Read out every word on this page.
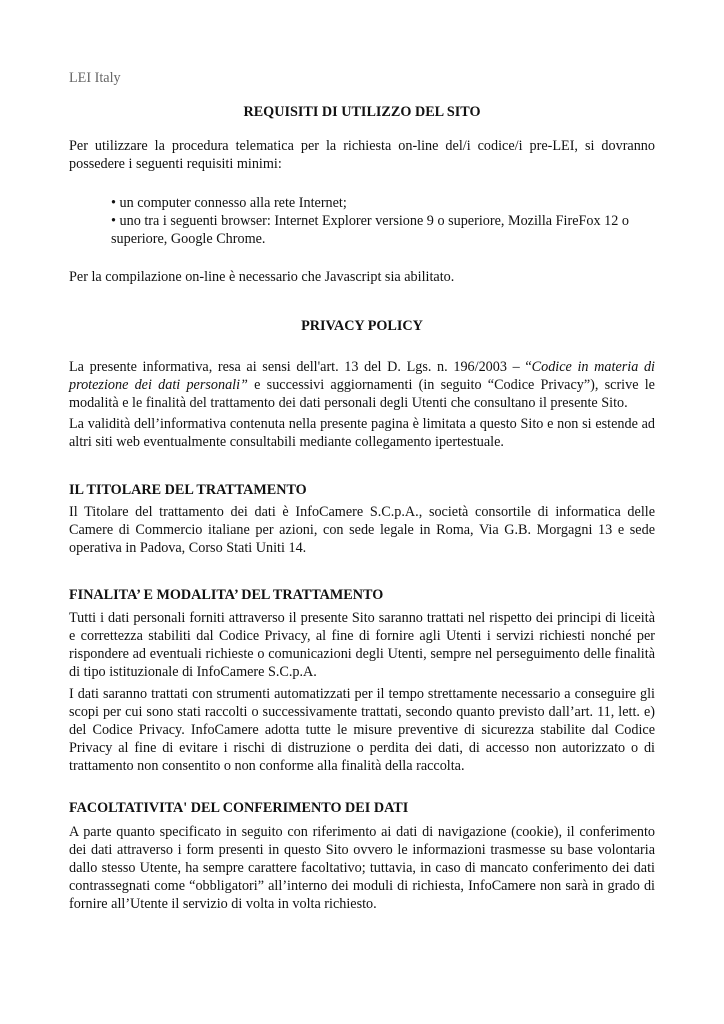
LEI Italy
REQUISITI DI UTILIZZO DEL SITO
Per utilizzare la procedura telematica per la richiesta on-line del/i codice/i pre-LEI, si dovranno possedere i seguenti requisiti minimi:
• un computer connesso alla rete Internet;
• uno tra i seguenti browser: Internet Explorer versione 9 o superiore, Mozilla FireFox 12 o superiore, Google Chrome.
Per la compilazione on-line è necessario che Javascript sia abilitato.
PRIVACY POLICY
La presente informativa, resa ai sensi dell'art. 13 del D. Lgs. n. 196/2003 – “Codice in materia di protezione dei dati personali” e successivi aggiornamenti (in seguito “Codice Privacy”), scrive le modalità e le finalità del trattamento dei dati personali degli Utenti che consultano il presente Sito.
La validità dell’informativa contenuta nella presente pagina è limitata a questo Sito e non si estende ad altri siti web eventualmente consultabili mediante collegamento ipertestuale.
IL TITOLARE DEL TRATTAMENTO
Il Titolare del trattamento dei dati è InfoCamere S.C.p.A., società consortile di informatica delle Camere di Commercio italiane per azioni, con sede legale in Roma, Via G.B. Morgagni 13 e sede operativa in Padova, Corso Stati Uniti 14.
FINALITA’ E MODALITA’ DEL TRATTAMENTO
Tutti i dati personali forniti attraverso il presente Sito saranno trattati nel rispetto dei principi di liceità e correttezza stabiliti dal Codice Privacy, al fine di fornire agli Utenti i servizi richiesti nonché per rispondere ad eventuali richieste o comunicazioni degli Utenti, sempre nel perseguimento delle finalità di tipo istituzionale di InfoCamere S.C.p.A.
I dati saranno trattati con strumenti automatizzati per il tempo strettamente necessario a conseguire gli scopi per cui sono stati raccolti o successivamente trattati, secondo quanto previsto dall’art. 11, lett. e) del Codice Privacy. InfoCamere adotta tutte le misure preventive di sicurezza stabilite dal Codice Privacy al fine di evitare i rischi di distruzione o perdita dei dati, di accesso non autorizzato o di trattamento non consentito o non conforme alla finalità della raccolta.
FACOLTATIVITA' DEL CONFERIMENTO DEI DATI
A parte quanto specificato in seguito con riferimento ai dati di navigazione (cookie), il conferimento dei dati attraverso i form presenti in questo Sito ovvero le informazioni trasmesse su base volontaria dallo stesso Utente, ha sempre carattere facoltativo; tuttavia, in caso di mancato conferimento dei dati contrassegnati come “obbligatori” all’interno dei moduli di richiesta, InfoCamere non sarà in grado di fornire all’Utente il servizio di volta in volta richiesto.
